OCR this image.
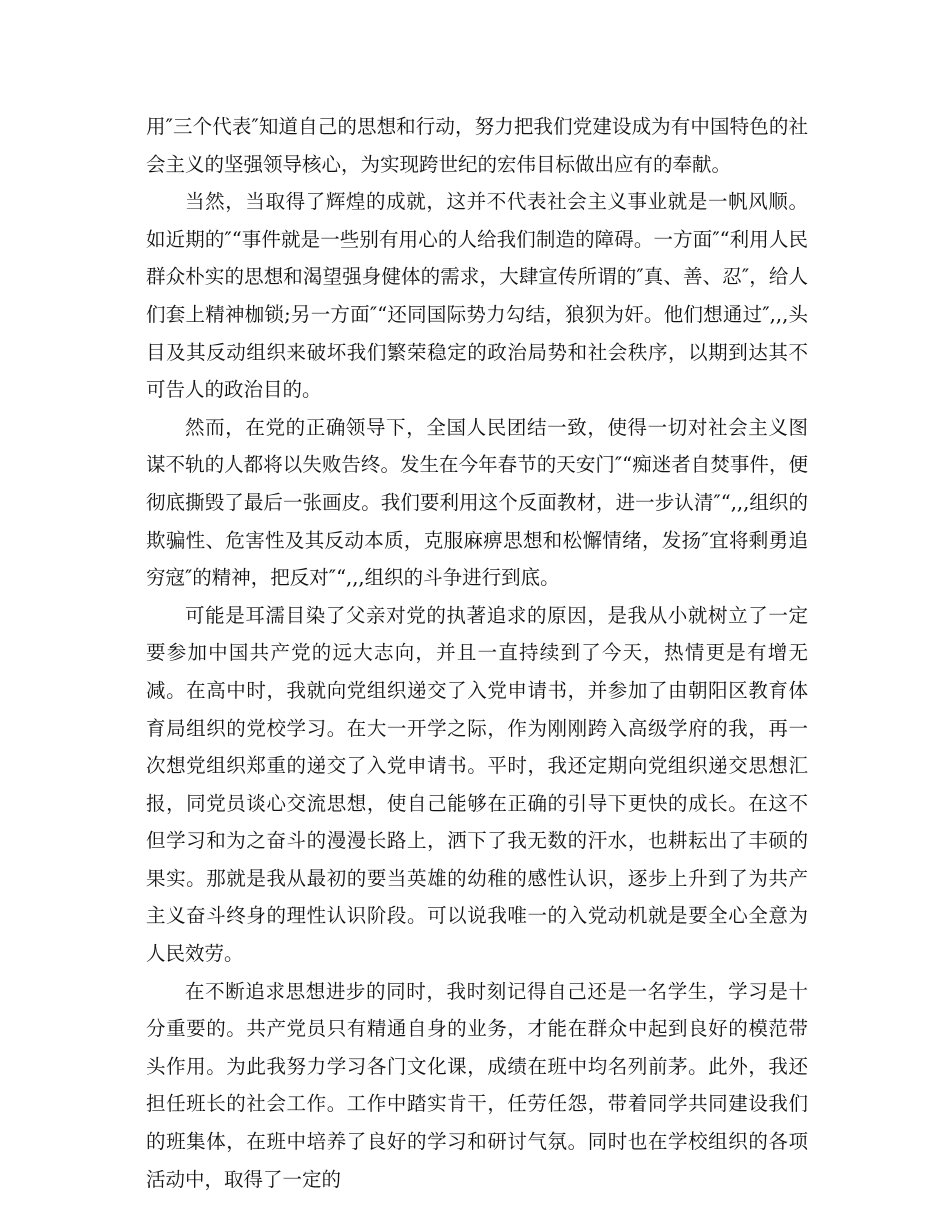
用″三个代表″知道自己的思想和行动，努力把我们党建设成为有中国特色的社会主义的坚强领导核心，为实现跨世纪的宏伟目标做出应有的奉献。

当然，当取得了辉煌的成就，这并不代表社会主义事业就是一帆风顺。如近期的″“事件就是一些别有用心的人给我们制造的障碍。一方面″“利用人民群众朴实的思想和渴望强身健体的需求，大肆宣传所谓的″真、善、忍″，给人们套上精神枷锁;另一方面″“还同国际势力勾结，狼狈为奸。他们想通过″,,,头目及其反动组织来破坏我们繁荣稳定的政治局势和社会秩序，以期到达其不可告人的政治目的。

然而，在党的正确领导下，全国人民团结一致，使得一切对社会主义图谋不轨的人都将以失败告终。发生在今年春节的天安门″“痴迷者自焚事件，便彻底撕毁了最后一张画皮。我们要利用这个反面教材，进一步认清″“,,,组织的欺骗性、危害性及其反动本质，克服麻痹思想和松懈情绪，发扬″宜将剩勇追穷寇″的精神，把反对″“,,,组织的斗争进行到底。

可能是耳濡目染了父亲对党的执著追求的原因，是我从小就树立了一定要参加中国共产党的远大志向，并且一直持续到了今天，热情更是有增无减。在高中时，我就向党组织递交了入党申请书，并参加了由朝阳区教育体育局组织的党校学习。在大一开学之际，作为刚刚跨入高级学府的我，再一次想党组织郑重的递交了入党申请书。平时，我还定期向党组织递交思想汇报，同党员谈心交流思想，使自己能够在正确的引导下更快的成长。在这不但学习和为之奋斗的漫漫长路上，洒下了我无数的汗水，也耕耘出了丰硕的果实。那就是我从最初的要当英雄的幼稚的感性认识，逐步上升到了为共产主义奋斗终身的理性认识阶段。可以说我唯一的入党动机就是要全心全意为人民效劳。

在不断追求思想进步的同时，我时刻记得自己还是一名学生，学习是十分重要的。共产党员只有精通自身的业务，才能在群众中起到良好的模范带头作用。为此我努力学习各门文化课，成绩在班中均名列前茅。此外，我还担任班长的社会工作。工作中踏实肯干，任劳任怨，带着同学共同建设我们的班集体，在班中培养了良好的学习和研讨气氛。同时也在学校组织的各项活动中，取得了一定的
